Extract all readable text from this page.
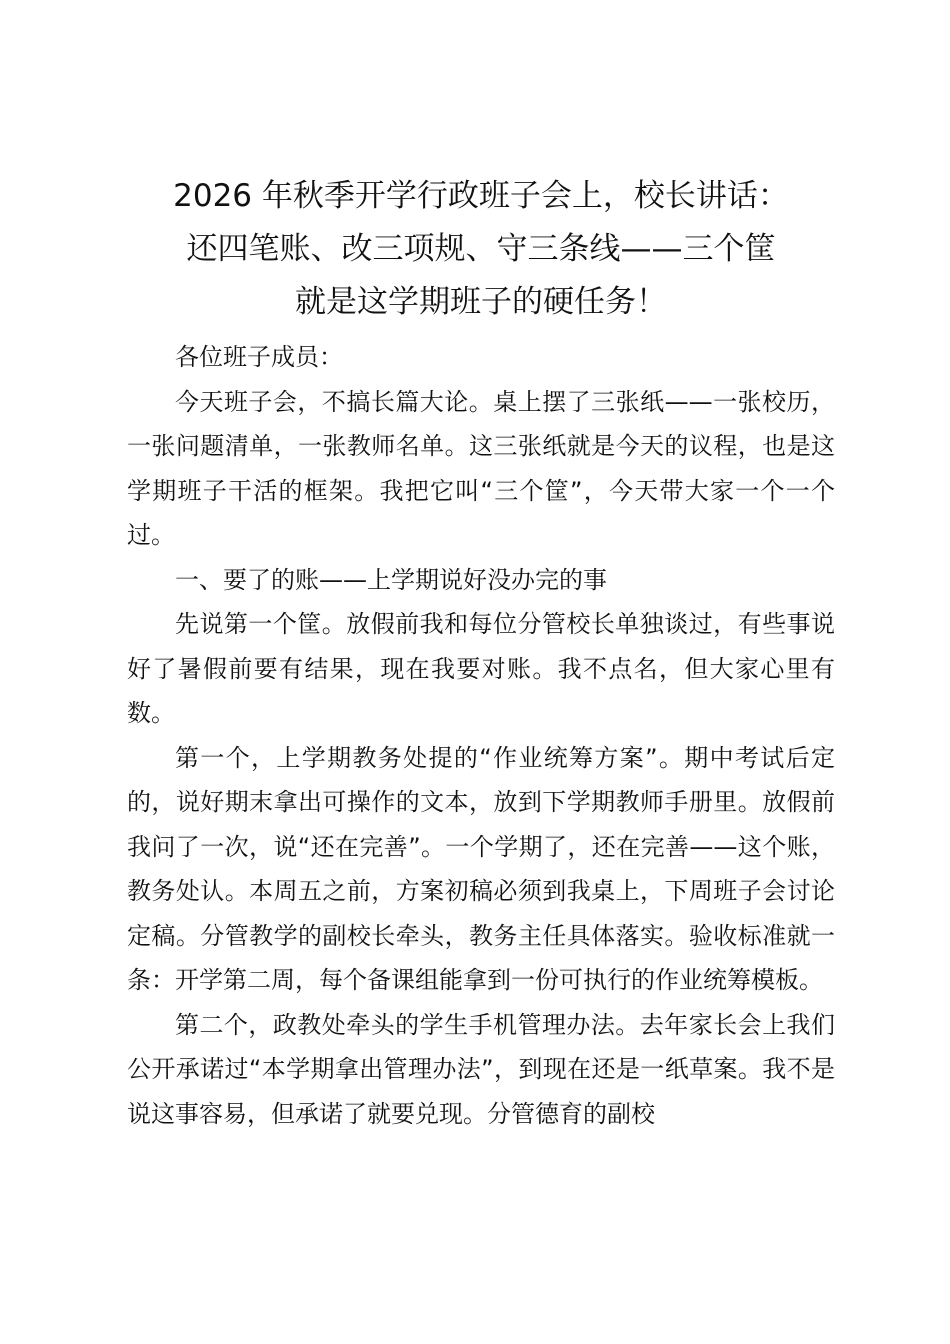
2026 年秋季开学行政班子会上，校长讲话：
还四笔账、改三项规、守三条线——三个筐
就是这学期班子的硬任务！

各位班子成员：

今天班子会，不搞长篇大论。桌上摆了三张纸——一张校历，一张问题清单，一张教师名单。这三张纸就是今天的议程，也是这学期班子干活的框架。我把它叫“三个筐”，今天带大家一个一个过。

一、要了的账——上学期说好没办完的事

先说第一个筐。放假前我和每位分管校长单独谈过，有些事说好了暑假前要有结果，现在我要对账。我不点名，但大家心里有数。

第一个，上学期教务处提的“作业统筹方案”。期中考试后定的，说好期末拿出可操作的文本，放到下学期教师手册里。放假前我问了一次，说“还在完善”。一个学期了，还在完善——这个账，教务处认。本周五之前，方案初稿必须到我桌上，下周班子会讨论定稿。分管教学的副校长牵头，教务主任具体落实。验收标准就一条：开学第二周，每个备课组能拿到一份可执行的作业统筹模板。

第二个，政教处牵头的学生手机管理办法。去年家长会上我们公开承诺过“本学期拿出管理办法”，到现在还是一纸草案。我不是说这事容易，但承诺了就要兑现。分管德育的副校
